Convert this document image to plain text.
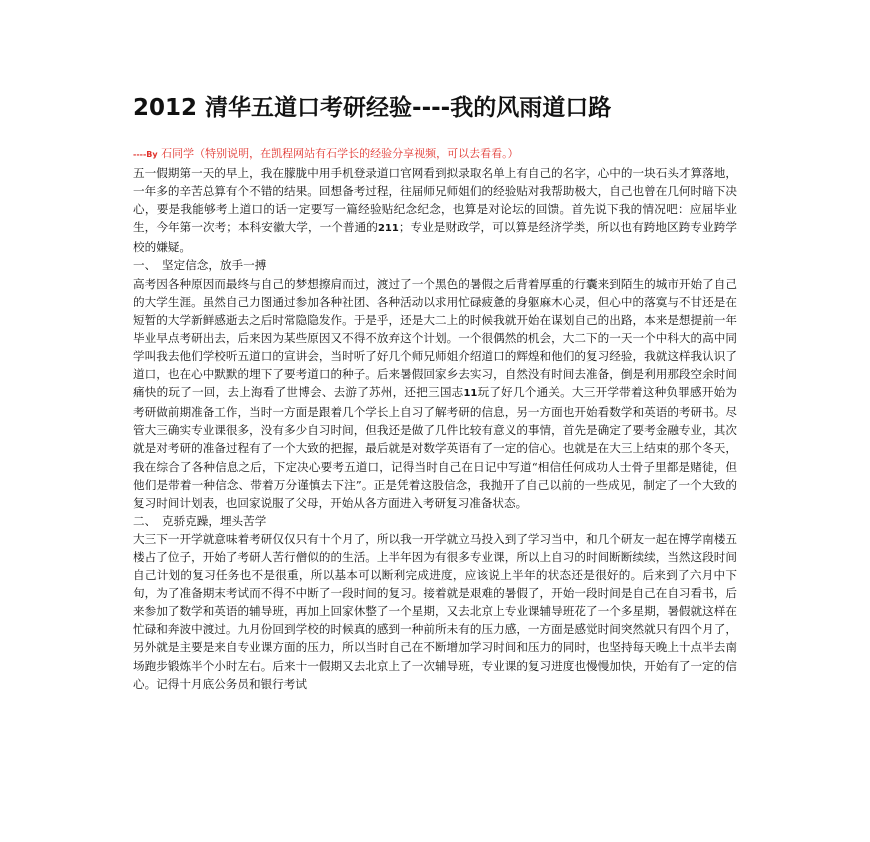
2012 清华五道口考研经验----我的风雨道口路

----By 石同学（特别说明，在凯程网站有石学长的经验分享视频，可以去看看。）

五一假期第一天的早上，我在朦胧中用手机登录道口官网看到拟录取名单上有自己的名字，心中的一块石头才算落地，一年多的辛苦总算有个不错的结果。回想备考过程，往届师兄师姐们的经验贴对我帮助极大，自己也曾在几何时暗下决心，要是我能够考上道口的话一定要写一篇经验贴纪念纪念，也算是对论坛的回馈。首先说下我的情况吧：应届毕业生，今年第一次考；本科安徽大学，一个普通的211；专业是财政学，可以算是经济学类，所以也有跨地区跨专业跨学校的嫌疑。

一、　坚定信念，放手一搏

高考因各种原因而最终与自己的梦想擦肩而过，渡过了一个黑色的暑假之后背着厚重的行囊来到陌生的城市开始了自己的大学生涯。虽然自己力图通过参加各种社团、各种活动以求用忙碌疲惫的身躯麻木心灵，但心中的落寞与不甘还是在短暂的大学新鲜感逝去之后时常隐隐发作。于是乎，还是大二上的时候我就开始在谋划自己的出路，本来是想提前一年毕业早点考研出去，后来因为某些原因又不得不放弃这个计划。一个很偶然的机会，大二下的一天一个中科大的高中同学叫我去他们学校听五道口的宣讲会，当时听了好几个师兄师姐介绍道口的辉煌和他们的复习经验，我就这样我认识了道口，也在心中默默的埋下了要考道口的种子。后来暑假回家乡去实习，自然没有时间去准备，倒是利用那段空余时间痛快的玩了一回，去上海看了世博会、去游了苏州，还把三国志11玩了好几个通关。大三开学带着这种负罪感开始为考研做前期准备工作，当时一方面是跟着几个学长上自习了解考研的信息，另一方面也开始看数学和英语的考研书。尽管大三确实专业课很多，没有多少自习时间，但我还是做了几件比较有意义的事情，首先是确定了要考金融专业，其次就是对考研的准备过程有了一个大致的把握，最后就是对数学英语有了一定的信心。也就是在大三上结束的那个冬天，我在综合了各种信息之后，下定决心要考五道口，记得当时自己在日记中写道“相信任何成功人士骨子里都是赌徒，但他们是带着一种信念、带着万分谨慎去下注”。正是凭着这股信念，我抛开了自己以前的一些成见，制定了一个大致的复习时间计划表，也回家说服了父母，开始从各方面进入考研复习准备状态。

二、　克骄克躁，埋头苦学

大三下一开学就意味着考研仅仅只有十个月了，所以我一开学就立马投入到了学习当中，和几个研友一起在博学南楼五楼占了位子，开始了考研人苦行僧似的的生活。上半年因为有很多专业课，所以上自习的时间断断续续，当然这段时间自己计划的复习任务也不是很重，所以基本可以断利完成进度，应该说上半年的状态还是很好的。后来到了六月中下旬，为了准备期末考试而不得不中断了一段时间的复习。接着就是艰难的暑假了，开始一段时间是自己在自习看书，后来参加了数学和英语的辅导班，再加上回家休整了一个星期，又去北京上专业课辅导班花了一个多星期，暑假就这样在忙碌和奔波中渡过。九月份回到学校的时候真的感到一种前所未有的压力感，一方面是感觉时间突然就只有四个月了，另外就是主要是来自专业课方面的压力，所以当时自己在不断增加学习时间和压力的同时，也坚持每天晚上十点半去南场跑步锻炼半个小时左右。后来十一假期又去北京上了一次辅导班，专业课的复习进度也慢慢加快，开始有了一定的信心。记得十月底公务员和银行考试
